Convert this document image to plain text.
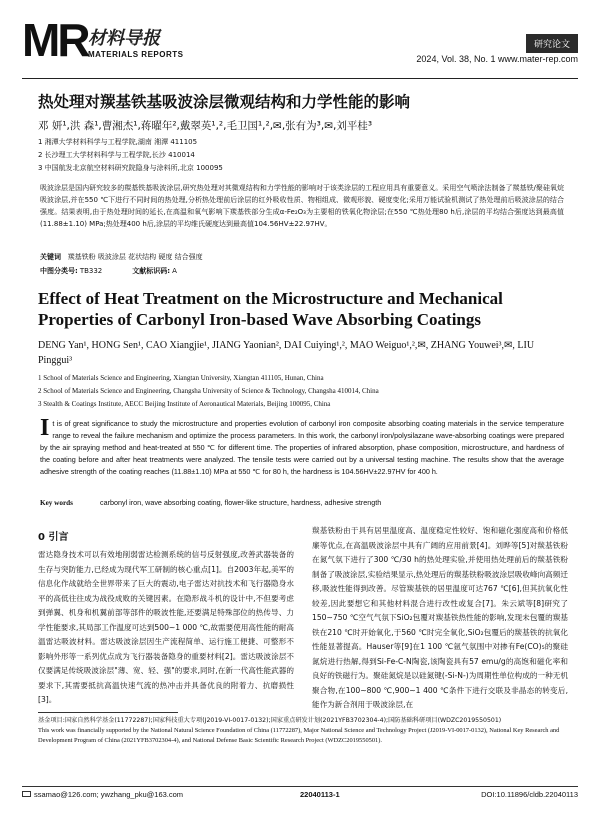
MR 材料导报
MATERIALS REPORTS
研究论文
2024, Vol. 38, No. 1 www.mater-rep.com
热处理对羰基铁基吸波涂层微观结构和力学性能的影响
邓 妍¹,洪 森¹,曹湘杰¹,蒋曜年²,戴翠英¹,²,毛卫国¹,²,✉,张有为³,✉,刘平桂³
1 湘潭大学材料科学与工程学院,湖南 湘潭 411105
2 长沙理工大学材料科学与工程学院,长沙 410014
3 中国航发北京航空材料研究院隐身与涂料所,北京 100095
吸波涂层是国内研究较多的羰基铁基吸波涂层,研究热处理对其微观结构和力学性能的影响对于该类涂层的工程应用具有重要意义。采用空气喷涂法制备了羰基铁/聚硅氧烷吸波涂层,并在550 ℃下进行不同时间的热处理,分析热处理前后涂层的红外吸收性质、物相组成、微观形貌、硬度变化;采用万能试验机测试了热处理前后吸波涂层的结合强度。结果表明,由于热处理时间的延长,在高温和氧气影响下羰基铁部分生成α-Fe₂O₃为主要相的铁氧化物涂层;在550 ℃热处理80 h后,涂层的平均结合强度达到最高值(11.88±1.10) MPa;热处理400 h后,涂层的平均维氏硬度达到最高值104.56HV±22.97HV。
关键词 羰基铁粉 吸波涂层 花状结构 硬度 结合强度
中图分类号: TB332	文献标识码: A
Effect of Heat Treatment on the Microstructure and Mechanical Properties of Carbonyl Iron-based Wave Absorbing Coatings
DENG Yan¹, HONG Sen¹, CAO Xiangjie¹, JIANG Yaonian², DAI Cuiying¹,², MAO Weiguo¹,²,✉, ZHANG Youwei³,✉, LIU Pinggui³
1 School of Materials Science and Engineering, Xiangtan University, Xiangtan 411105, Hunan, China
2 School of Materials Science and Engineering, Changsha University of Science & Technology, Changsha 410014, China
3 Stealth & Coatings Institute, AECC Beijing Institute of Aeronautical Materials, Beijing 100095, China
It is of great significance to study the microstructure and properties evolution of carbonyl iron composite absorbing coating materials in the service temperature range to reveal the failure mechanism and optimize the process parameters. In this work, the carbonyl iron/polysilazane wave-absorbing coatings were prepared by the air spraying method and heat-treated at 550 ℃ for different time. The properties of infrared absorption, phase composition, microstructure, and hardness of the coating before and after heat treatments were analyzed. The tensile tests were carried out by a universal testing machine. The results show that the average adhesive strength of the coating reaches (11.88±1.10) MPa at 550 ℃ for 80 h, the hardness is 104.56HV±22.97HV for 400 h.
Key words	carbonyl iron, wave absorbing coating, flower-like structure, hardness, adhesive strength
0 引言
雷达隐身技术可以有效地削弱雷达检测系统的信号反射强度,改善武器装备的生存与突防能力,已经成为现代军工研制的核心重点[1]。自2003年起,美军的信息化作战就给全世界带来了巨大的震动,电子雷达对抗技术和飞行器隐身水平的高低往往成为战役成败的关键因素。在隐形战斗机的设计中,不但要考虑到弹翼、机身和机翼前部等部件的吸波性能,还要满足特殊部位的热传导、力学性能要求,其局部工作温度可达到500~1 000 ℃,故需要使用高性能的耐高温雷达吸波材料。雷达吸波涂层因生产流程简单、运行施工便捷、可整形不影响外形等一系列优点成为飞行器装备隐身的重要材料[2]。雷达吸波涂层不仅要满足传统吸波涂层"薄、宽、轻、强"的要求,同时,在新一代高性能武器的要求下,其需要抵抗高温快速气流的热冲击并具备优良的附着力、抗磨损性[3]。
羰基铁粉由于具有居里温度高、温度稳定性较好、饱和磁化强度高和价格低廉等优点,在高温吸波涂层中具有广阔的应用前景[4]。刘晔等[5]对羰基铁粉在氮气氛下进行了300 ℃/30 h的热处理实验,并使用热处理前后的羰基铁粉制备了吸波涂层,实验结果显示,热处理后的羰基铁粉吸波涂层吸收峰向高频迁移,吸波性能得到改善。尽管羰基铁的居里温度可达767 ℃[6],但其抗氧化性较差,因此要想它和其他材料混合进行改性或复合[7]。朱云斌等[8]研究了150~750 ℃空气气氛下SiO₂包覆对羰基铁热性能的影响,发现未包覆的羰基铁在210 ℃时开始氧化,于560 ℃时完全氧化,SiO₂包覆后的羰基铁的抗氧化性能显著提高。Hauser等[9]在1 100 ℃氩气氛围中对掺有Fe(CO)₅的聚硅氮烷进行热解,得到Si-Fe-C-N陶瓷,该陶瓷具有57 emu/g的高饱和磁化率和良好的铁磁行为。聚硅氮烷是以硅氮键(-Si-N-)为周期性单位构成的一种无机聚合物,在100~800 ℃,900~1 400 ℃条件下进行交联及非晶态的转变后,能作为新合剂用于吸波涂层,在
基金项目:国家自然科学基金(11772287);国家科技重大专项(J2019-VI-0017-0132);国家重点研发计划(2021YFB3702304-4);国防基础科研项目(WDZC2019550501)
This work was financially supported by the National Natural Science Foundation of China (11772287), Major National Science and Technology Project (J2019-VI-0017-0132), National Key Research and Development Program of China (2021YFB3702304-4), and National Defense Basic Scientific Research Project (WDZC2019550501).
ssamao@126.com; ywzhang_pku@163.com	22040113-1	DOI:10.11896/cldb.22040113
